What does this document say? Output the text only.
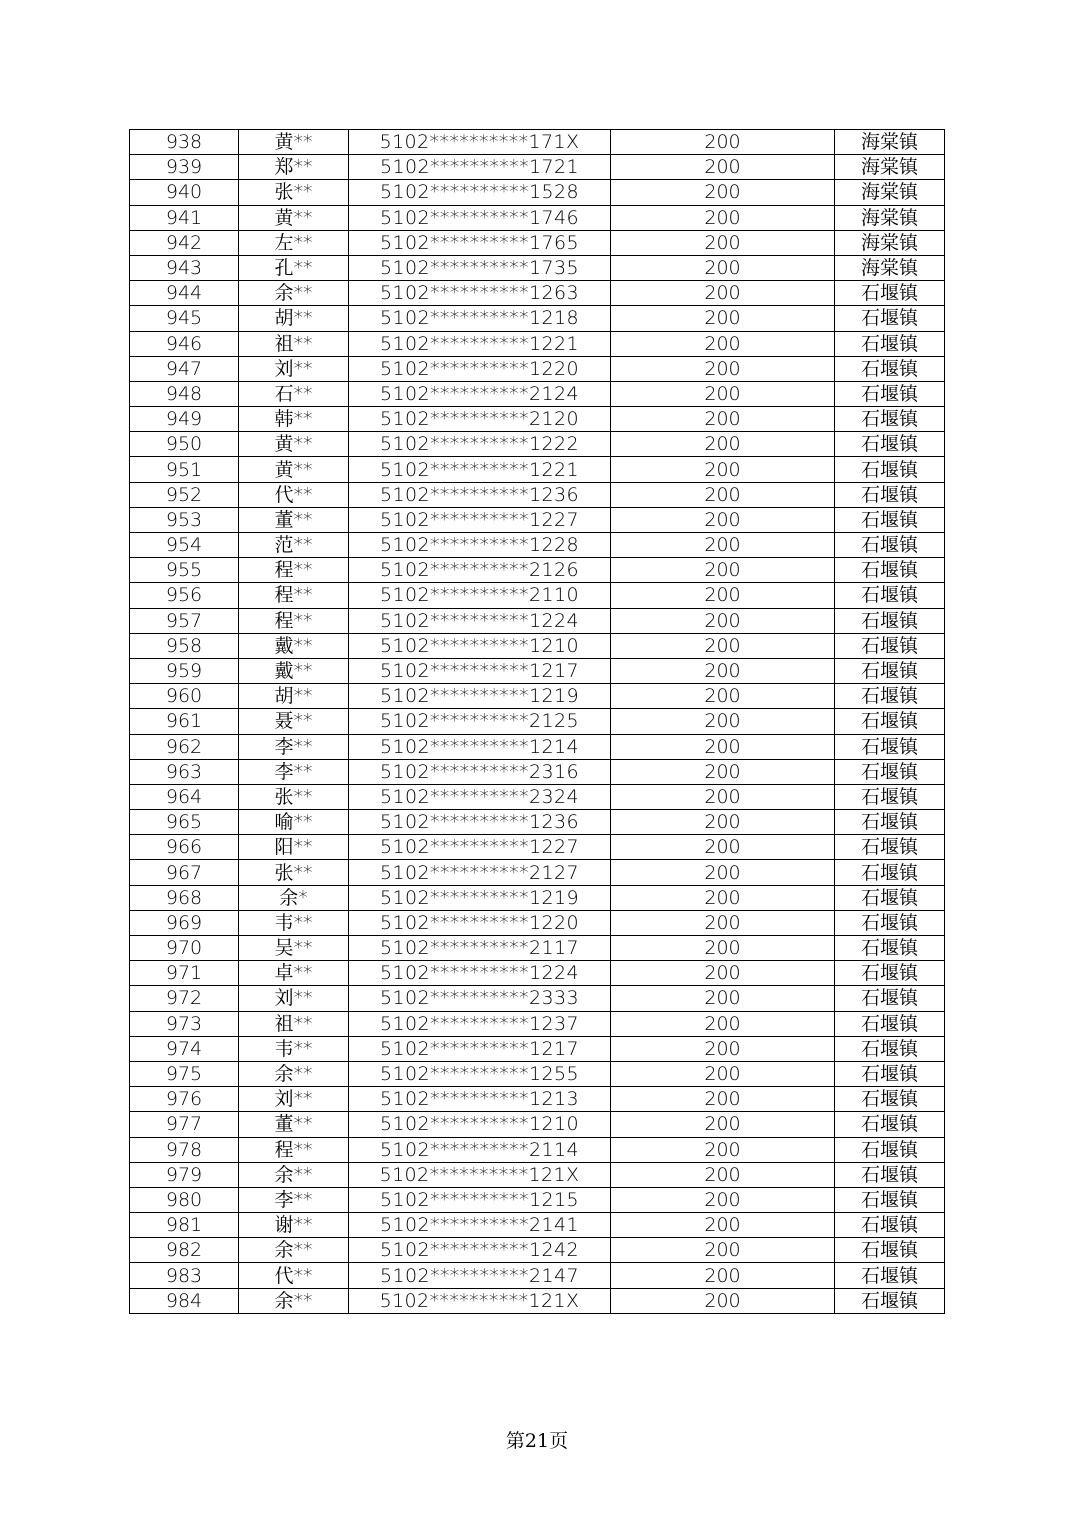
938	黄**	5102**********171X	200	海棠镇
939	郑**	5102**********1721	200	海棠镇
940	张**	5102**********1528	200	海棠镇
941	黄**	5102**********1746	200	海棠镇
942	左**	5102**********1765	200	海棠镇
943	孔**	5102**********1735	200	海棠镇
944	余**	5102**********1263	200	石堰镇
945	胡**	5102**********1218	200	石堰镇
946	祖**	5102**********1221	200	石堰镇
947	刘**	5102**********1220	200	石堰镇
948	石**	5102**********2124	200	石堰镇
949	韩**	5102**********2120	200	石堰镇
950	黄**	5102**********1222	200	石堰镇
951	黄**	5102**********1221	200	石堰镇
952	代**	5102**********1236	200	石堰镇
953	董**	5102**********1227	200	石堰镇
954	范**	5102**********1228	200	石堰镇
955	程**	5102**********2126	200	石堰镇
956	程**	5102**********2110	200	石堰镇
957	程**	5102**********1224	200	石堰镇
958	戴**	5102**********1210	200	石堰镇
959	戴**	5102**********1217	200	石堰镇
960	胡**	5102**********1219	200	石堰镇
961	聂**	5102**********2125	200	石堰镇
962	李**	5102**********1214	200	石堰镇
963	李**	5102**********2316	200	石堰镇
964	张**	5102**********2324	200	石堰镇
965	喻**	5102**********1236	200	石堰镇
966	阳**	5102**********1227	200	石堰镇
967	张**	5102**********2127	200	石堰镇
968	余*	5102**********1219	200	石堰镇
969	韦**	5102**********1220	200	石堰镇
970	吴**	5102**********2117	200	石堰镇
971	卓**	5102**********1224	200	石堰镇
972	刘**	5102**********2333	200	石堰镇
973	祖**	5102**********1237	200	石堰镇
974	韦**	5102**********1217	200	石堰镇
975	余**	5102**********1255	200	石堰镇
976	刘**	5102**********1213	200	石堰镇
977	董**	5102**********1210	200	石堰镇
978	程**	5102**********2114	200	石堰镇
979	余**	5102**********121X	200	石堰镇
980	李**	5102**********1215	200	石堰镇
981	谢**	5102**********2141	200	石堰镇
982	余**	5102**********1242	200	石堰镇
983	代**	5102**********2147	200	石堰镇
984	余**	5102**********121X	200	石堰镇
第21页
